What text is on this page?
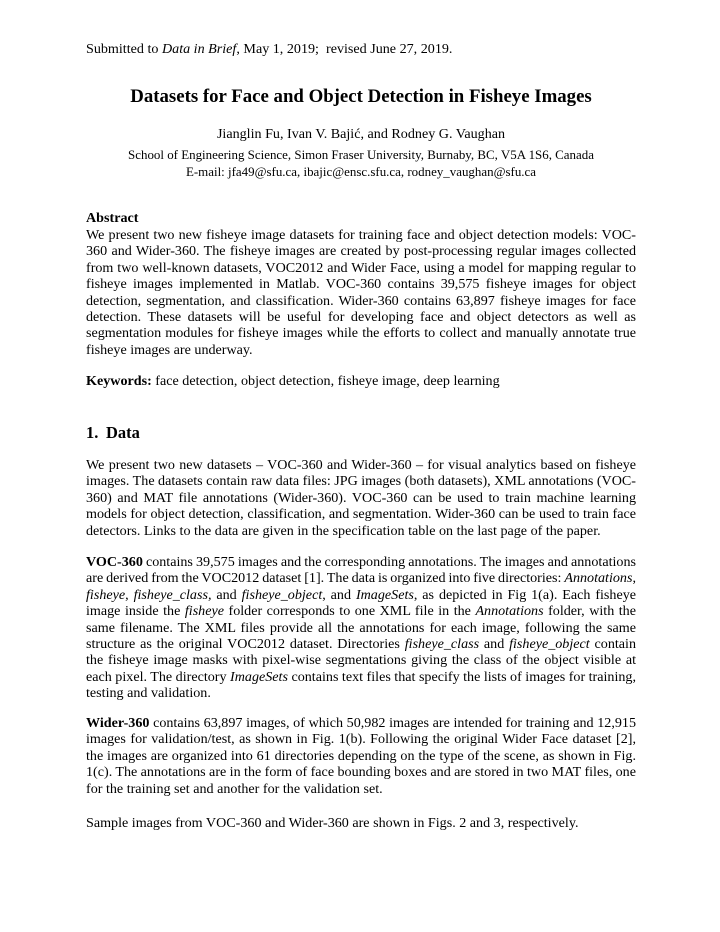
Submitted to Data in Brief, May 1, 2019;  revised June 27, 2019.
Datasets for Face and Object Detection in Fisheye Images
Jianglin Fu, Ivan V. Bajić, and Rodney G. Vaughan
School of Engineering Science, Simon Fraser University, Burnaby, BC, V5A 1S6, Canada
E-mail: jfa49@sfu.ca, ibajic@ensc.sfu.ca, rodney_vaughan@sfu.ca
Abstract
We present two new fisheye image datasets for training face and object detection models: VOC-
360 and Wider-360. The fisheye images are created by post-processing regular images collected
from two well-known datasets, VOC2012 and Wider Face, using a model for mapping regular to
fisheye images implemented in Matlab. VOC-360 contains 39,575 fisheye images for object
detection, segmentation, and classification. Wider-360 contains 63,897 fisheye images for face
detection. These datasets will be useful for developing face and object detectors as well as
segmentation modules for fisheye images while the efforts to collect and manually annotate true
fisheye images are underway.
Keywords: face detection, object detection, fisheye image, deep learning
1. Data
We present two new datasets – VOC-360 and Wider-360 – for visual analytics based on fisheye
images. The datasets contain raw data files: JPG images (both datasets), XML annotations (VOC-
360) and MAT file annotations (Wider-360). VOC-360 can be used to train machine learning
models for object detection, classification, and segmentation. Wider-360 can be used to train face
detectors. Links to the data are given in the specification table on the last page of the paper.
VOC-360 contains 39,575 images and the corresponding annotations. The images and annotations
are derived from the VOC2012 dataset [1]. The data is organized into five directories: Annotations,
fisheye, fisheye_class, and fisheye_object, and ImageSets, as depicted in Fig 1(a). Each fisheye
image inside the fisheye folder corresponds to one XML file in the Annotations folder, with the
same filename. The XML files provide all the annotations for each image, following the same
structure as the original VOC2012 dataset. Directories fisheye_class and fisheye_object contain
the fisheye image masks with pixel-wise segmentations giving the class of the object visible at
each pixel. The directory ImageSets contains text files that specify the lists of images for training,
testing and validation.
Wider-360 contains 63,897 images, of which 50,982 images are intended for training and 12,915
images for validation/test, as shown in Fig. 1(b). Following the original Wider Face dataset [2],
the images are organized into 61 directories depending on the type of the scene, as shown in Fig.
1(c). The annotations are in the form of face bounding boxes and are stored in two MAT files, one
for the training set and another for the validation set.
Sample images from VOC-360 and Wider-360 are shown in Figs. 2 and 3, respectively.
